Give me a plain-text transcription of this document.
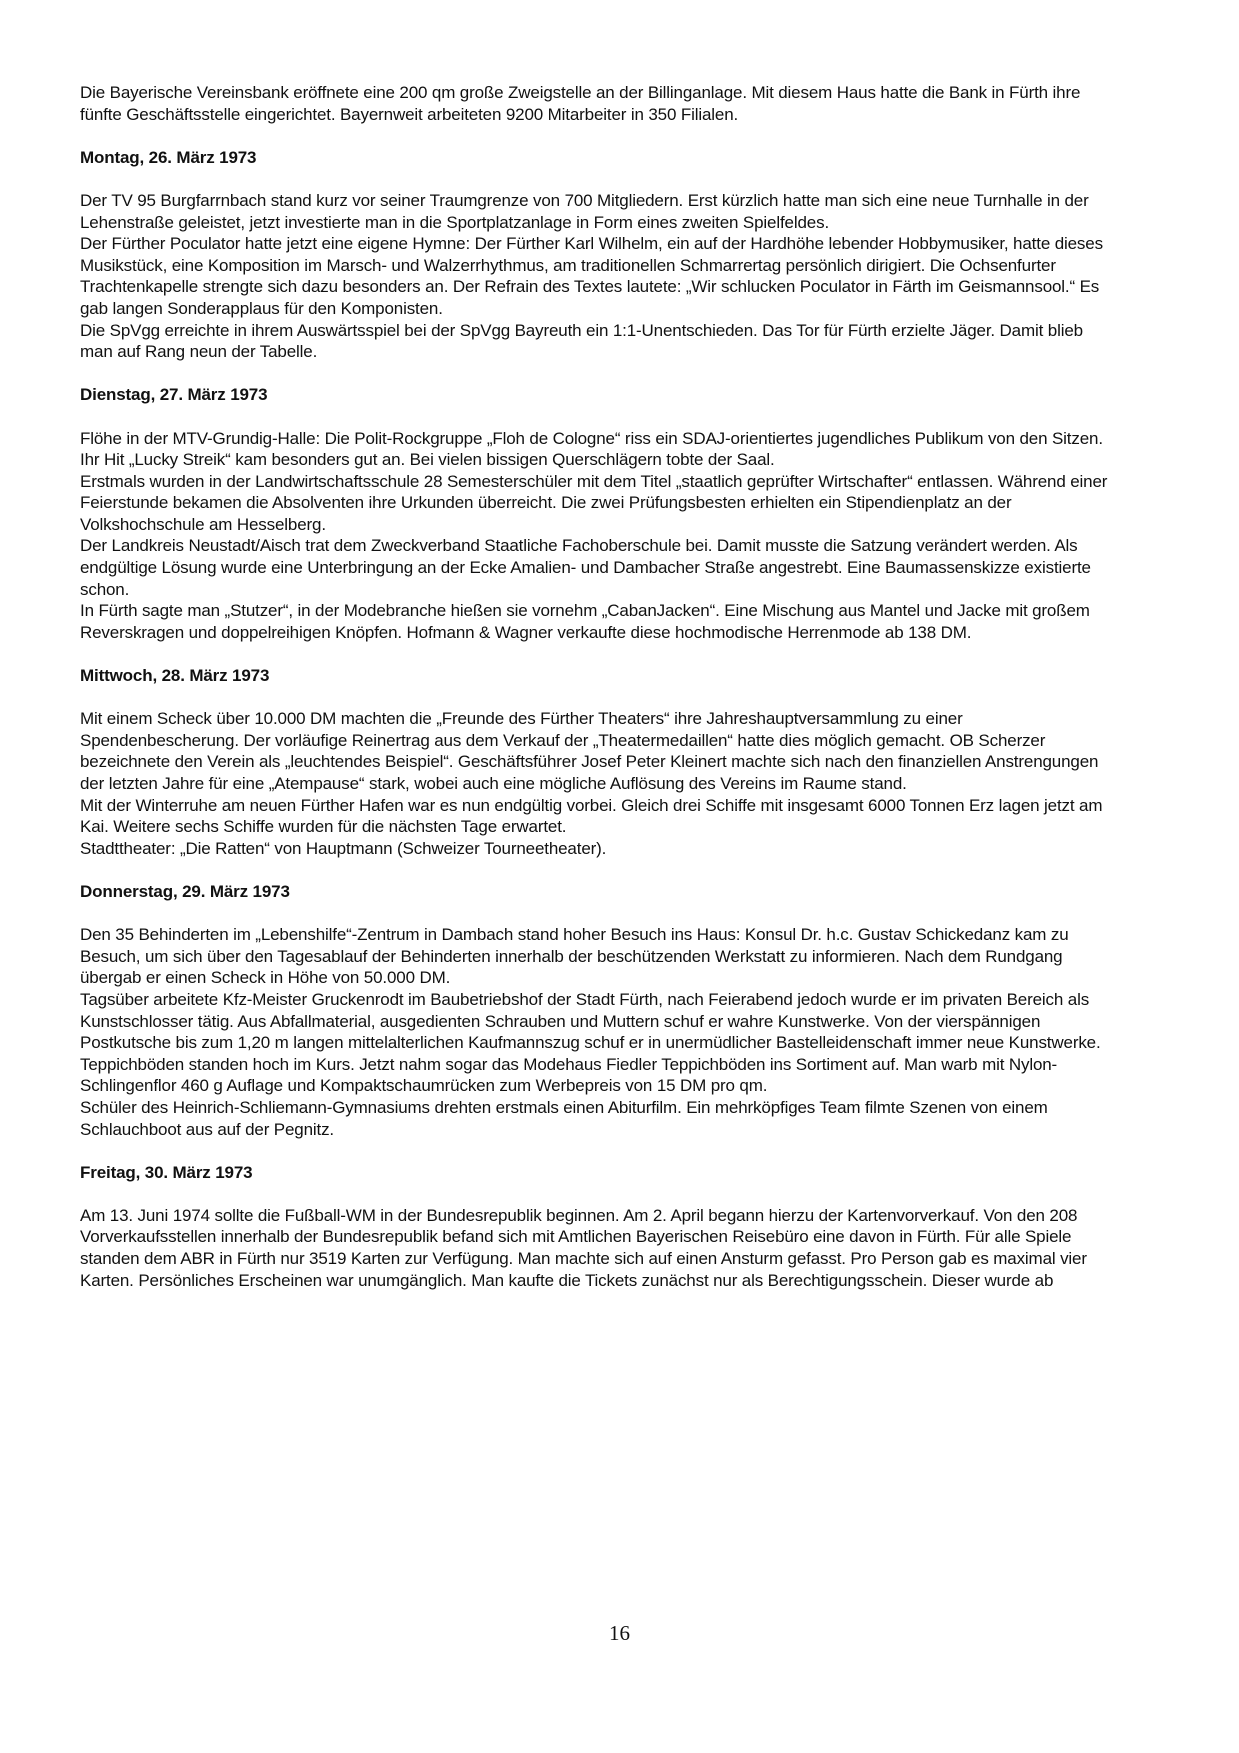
Die Bayerische Vereinsbank eröffnete eine 200 qm große Zweigstelle an der Billinganlage. Mit diesem Haus hatte die Bank in Fürth ihre fünfte Geschäftsstelle eingerichtet. Bayernweit arbeiteten 9200 Mitarbeiter in 350 Filialen.

Montag, 26. März 1973

Der TV 95 Burgfarrnbach stand kurz vor seiner Traumgrenze von 700 Mitgliedern. Erst kürzlich hatte man sich eine neue Turnhalle in der Lehenstraße geleistet, jetzt investierte man in die Sportplatzanlage in Form eines zweiten Spielfeldes.

Der Fürther Poculator hatte jetzt eine eigene Hymne: Der Fürther Karl Wilhelm, ein auf der Hardhöhe lebender Hobbymusiker, hatte dieses Musikstück, eine Komposition im Marsch- und Walzerrhythmus, am traditionellen Schmarrertag persönlich dirigiert. Die Ochsenfurter Trachtenkapelle strengte sich dazu besonders an. Der Refrain des Textes lautete: „Wir schlucken Poculator in Färth im Geismannsool.“ Es gab langen Sonderapplaus für den Komponisten.

Die SpVgg erreichte in ihrem Auswärtsspiel bei der SpVgg Bayreuth ein 1:1-Unentschieden. Das Tor für Fürth erzielte Jäger. Damit blieb man auf Rang neun der Tabelle.

Dienstag, 27. März 1973

Flöhe in der MTV-Grundig-Halle: Die Polit-Rockgruppe „Floh de Cologne“ riss ein SDAJ-orientiertes jugendliches Publikum von den Sitzen. Ihr Hit „Lucky Streik“ kam besonders gut an. Bei vielen bissigen Querschlägern tobte der Saal.

Erstmals wurden in der Landwirtschaftsschule 28 Semesterschüler mit dem Titel „staatlich geprüfter Wirtschafter“ entlassen. Während einer Feierstunde bekamen die Absolventen ihre Urkunden überreicht. Die zwei Prüfungsbesten erhielten ein Stipendienplatz an der Volkshochschule am Hesselberg.

Der Landkreis Neustadt/Aisch trat dem Zweckverband Staatliche Fachoberschule bei. Damit musste die Satzung verändert werden. Als endgültige Lösung wurde eine Unterbringung an der Ecke Amalien- und Dambacher Straße angestrebt. Eine Baumassenskizze existierte schon.

In Fürth sagte man „Stutzer“, in der Modebranche hießen sie vornehm „CabanJacken“. Eine Mischung aus Mantel und Jacke mit großem Reverskragen und doppelreihigen Knöpfen. Hofmann & Wagner verkaufte diese hochmodische Herrenmode ab 138 DM.

Mittwoch, 28. März 1973

Mit einem Scheck über 10.000 DM machten die „Freunde des Fürther Theaters“ ihre Jahreshauptversammlung zu einer Spendenbescherung. Der vorläufige Reinertrag aus dem Verkauf der „Theatermedaillen“ hatte dies möglich gemacht. OB Scherzer bezeichnete den Verein als „leuchtendes Beispiel“. Geschäftsführer Josef Peter Kleinert machte sich nach den finanziellen Anstrengungen der letzten Jahre für eine „Atempause“ stark, wobei auch eine mögliche Auflösung des Vereins im Raume stand.

Mit der Winterruhe am neuen Fürther Hafen war es nun endgültig vorbei. Gleich drei Schiffe mit insgesamt 6000 Tonnen Erz lagen jetzt am Kai. Weitere sechs Schiffe wurden für die nächsten Tage erwartet.

Stadttheater: „Die Ratten“ von Hauptmann (Schweizer Tourneetheater).

Donnerstag, 29. März 1973

Den 35 Behinderten im „Lebenshilfe“-Zentrum in Dambach stand hoher Besuch ins Haus: Konsul Dr. h.c. Gustav Schickedanz kam zu Besuch, um sich über den Tagesablauf der Behinderten innerhalb der beschützenden Werkstatt zu informieren. Nach dem Rundgang übergab er einen Scheck in Höhe von 50.000 DM.

Tagsüber arbeitete Kfz-Meister Gruckenrodt im Baubetriebshof der Stadt Fürth, nach Feierabend jedoch wurde er im privaten Bereich als Kunstschlosser tätig. Aus Abfallmaterial, ausgedienten Schrauben und Muttern schuf er wahre Kunstwerke. Von der vierspännigen Postkutsche bis zum 1,20 m langen mittelalterlichen Kaufmannszug schuf er in unermüdlicher Bastelleidenschaft immer neue Kunstwerke.

Teppichböden standen hoch im Kurs. Jetzt nahm sogar das Modehaus Fiedler Teppichböden ins Sortiment auf. Man warb mit Nylon-Schlingenflor 460 g Auflage und Kompaktschaumrücken zum Werbepreis von 15 DM pro qm.

Schüler des Heinrich-Schliemann-Gymnasiums drehten erstmals einen Abiturfilm. Ein mehrköpfiges Team filmte Szenen von einem Schlauchboot aus auf der Pegnitz.

Freitag, 30. März 1973

Am 13. Juni 1974 sollte die Fußball-WM in der Bundesrepublik beginnen. Am 2. April begann hierzu der Kartenvorverkauf. Von den 208 Vorverkaufsstellen innerhalb der Bundesrepublik befand sich mit Amtlichen Bayerischen Reisebüro eine davon in Fürth. Für alle Spiele standen dem ABR in Fürth nur 3519 Karten zur Verfügung. Man machte sich auf einen Ansturm gefasst. Pro Person gab es maximal vier Karten. Persönliches Erscheinen war unumgänglich. Man kaufte die Tickets zunächst nur als Berechtigungsschein. Dieser wurde ab

16
